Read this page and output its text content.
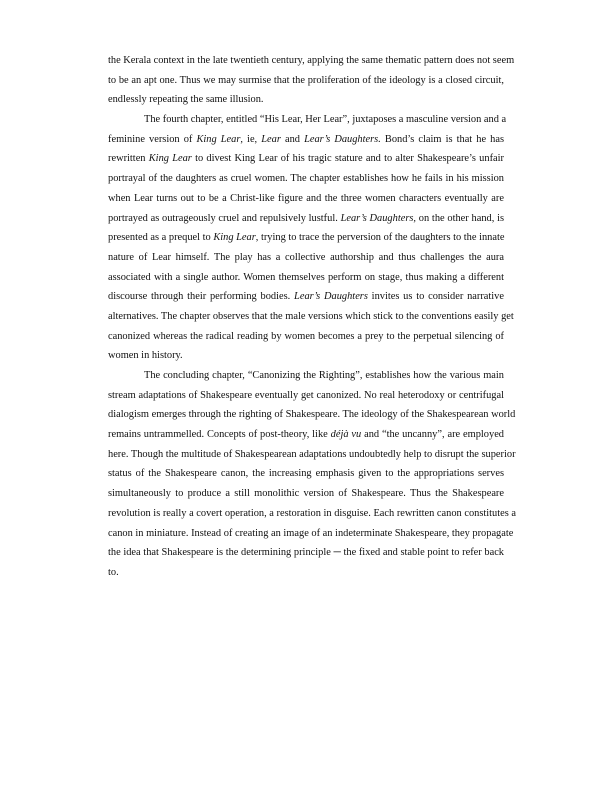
the Kerala context in the late twentieth century, applying the same thematic pattern does not seem
to be an apt one. Thus we may surmise that the proliferation of the ideology is a closed circuit,
endlessly repeating the same illusion.
The fourth chapter, entitled “His Lear, Her Lear”, juxtaposes a masculine version and a
feminine version of King Lear, ie, Lear and Lear’s Daughters. Bond’s claim is that he has
rewritten King Lear to divest King Lear of his tragic stature and to alter Shakespeare’s unfair
portrayal of the daughters as cruel women. The chapter establishes how he fails in his mission
when Lear turns out to be a Christ-like figure and the three women characters eventually are
portrayed as outrageously cruel and repulsively lustful. Lear’s Daughters, on the other hand, is
presented as a prequel to King Lear, trying to trace the perversion of the daughters to the innate
nature of Lear himself. The play has a collective authorship and thus challenges the aura
associated with a single author. Women themselves perform on stage, thus making a different
discourse through their performing bodies. Lear’s Daughters invites us to consider narrative
alternatives. The chapter observes that the male versions which stick to the conventions easily get
canonized whereas the radical reading by women becomes a prey to the perpetual silencing of
women in history.
The concluding chapter, “Canonizing the Righting”, establishes how the various main
stream adaptations of Shakespeare eventually get canonized. No real heterodoxy or centrifugal
dialogism emerges through the righting of Shakespeare. The ideology of the Shakespearean world
remains untrammelled. Concepts of post-theory, like déjà vu and “the uncanny”, are employed
here. Though the multitude of Shakespearean adaptations undoubtedly help to disrupt the superior
status of the Shakespeare canon, the increasing emphasis given to the appropriations serves
simultaneously to produce a still monolithic version of Shakespeare. Thus the Shakespeare
revolution is really a covert operation, a restoration in disguise. Each rewritten canon constitutes a
canon in miniature. Instead of creating an image of an indeterminate Shakespeare, they propagate
the idea that Shakespeare is the determining principle ─ the fixed and stable point to refer back
to.
